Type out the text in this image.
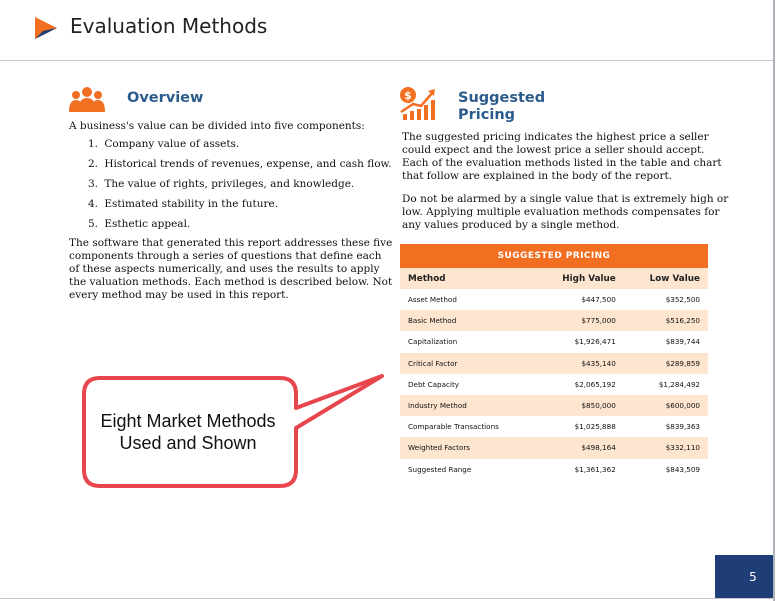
Evaluation Methods
Overview

A business's value can be divided into five components:

1. Company value of assets.
2. Historical trends of revenues, expense, and cash flow.
3. The value of rights, privileges, and knowledge.
4. Estimated stability in the future.
5. Esthetic appeal.
The software that generated this report addresses these five
components through a series of questions that define each
of these aspects numerically, and uses the results to apply
the valuation methods. Each method is described below. Not
every method may be used in this report.
$	Suggested
Pricing
The suggested pricing indicates the highest price a seller
could expect and the lowest price a seller should accept.
Each of the evaluation methods listed in the table and chart
that follow are explained in the body of the report.
Do not be alarmed by a single value that is extremely high or
low. Applying multiple evaluation methods compensates for
any values produced by a single method.
SUGGESTED PRICING		
Method	High Value	Low Value
Asset Method	$447,500	$352,500
Basic Method	$775,000	$516,250
Capitalization	$1,926,471	$839,744
Critical Factor	$435,140	$289,859
Debt Capacity	$2,065,192	$1,284,492
Industry Method	$850,000	$600,000
Comparable Transactions	$1,025,888	$839,363
Weighted Factors	$498,164	$332,110
Suggested Range	$1,361,362	$843,509
Eight Market Methods
Used and Shown
5
